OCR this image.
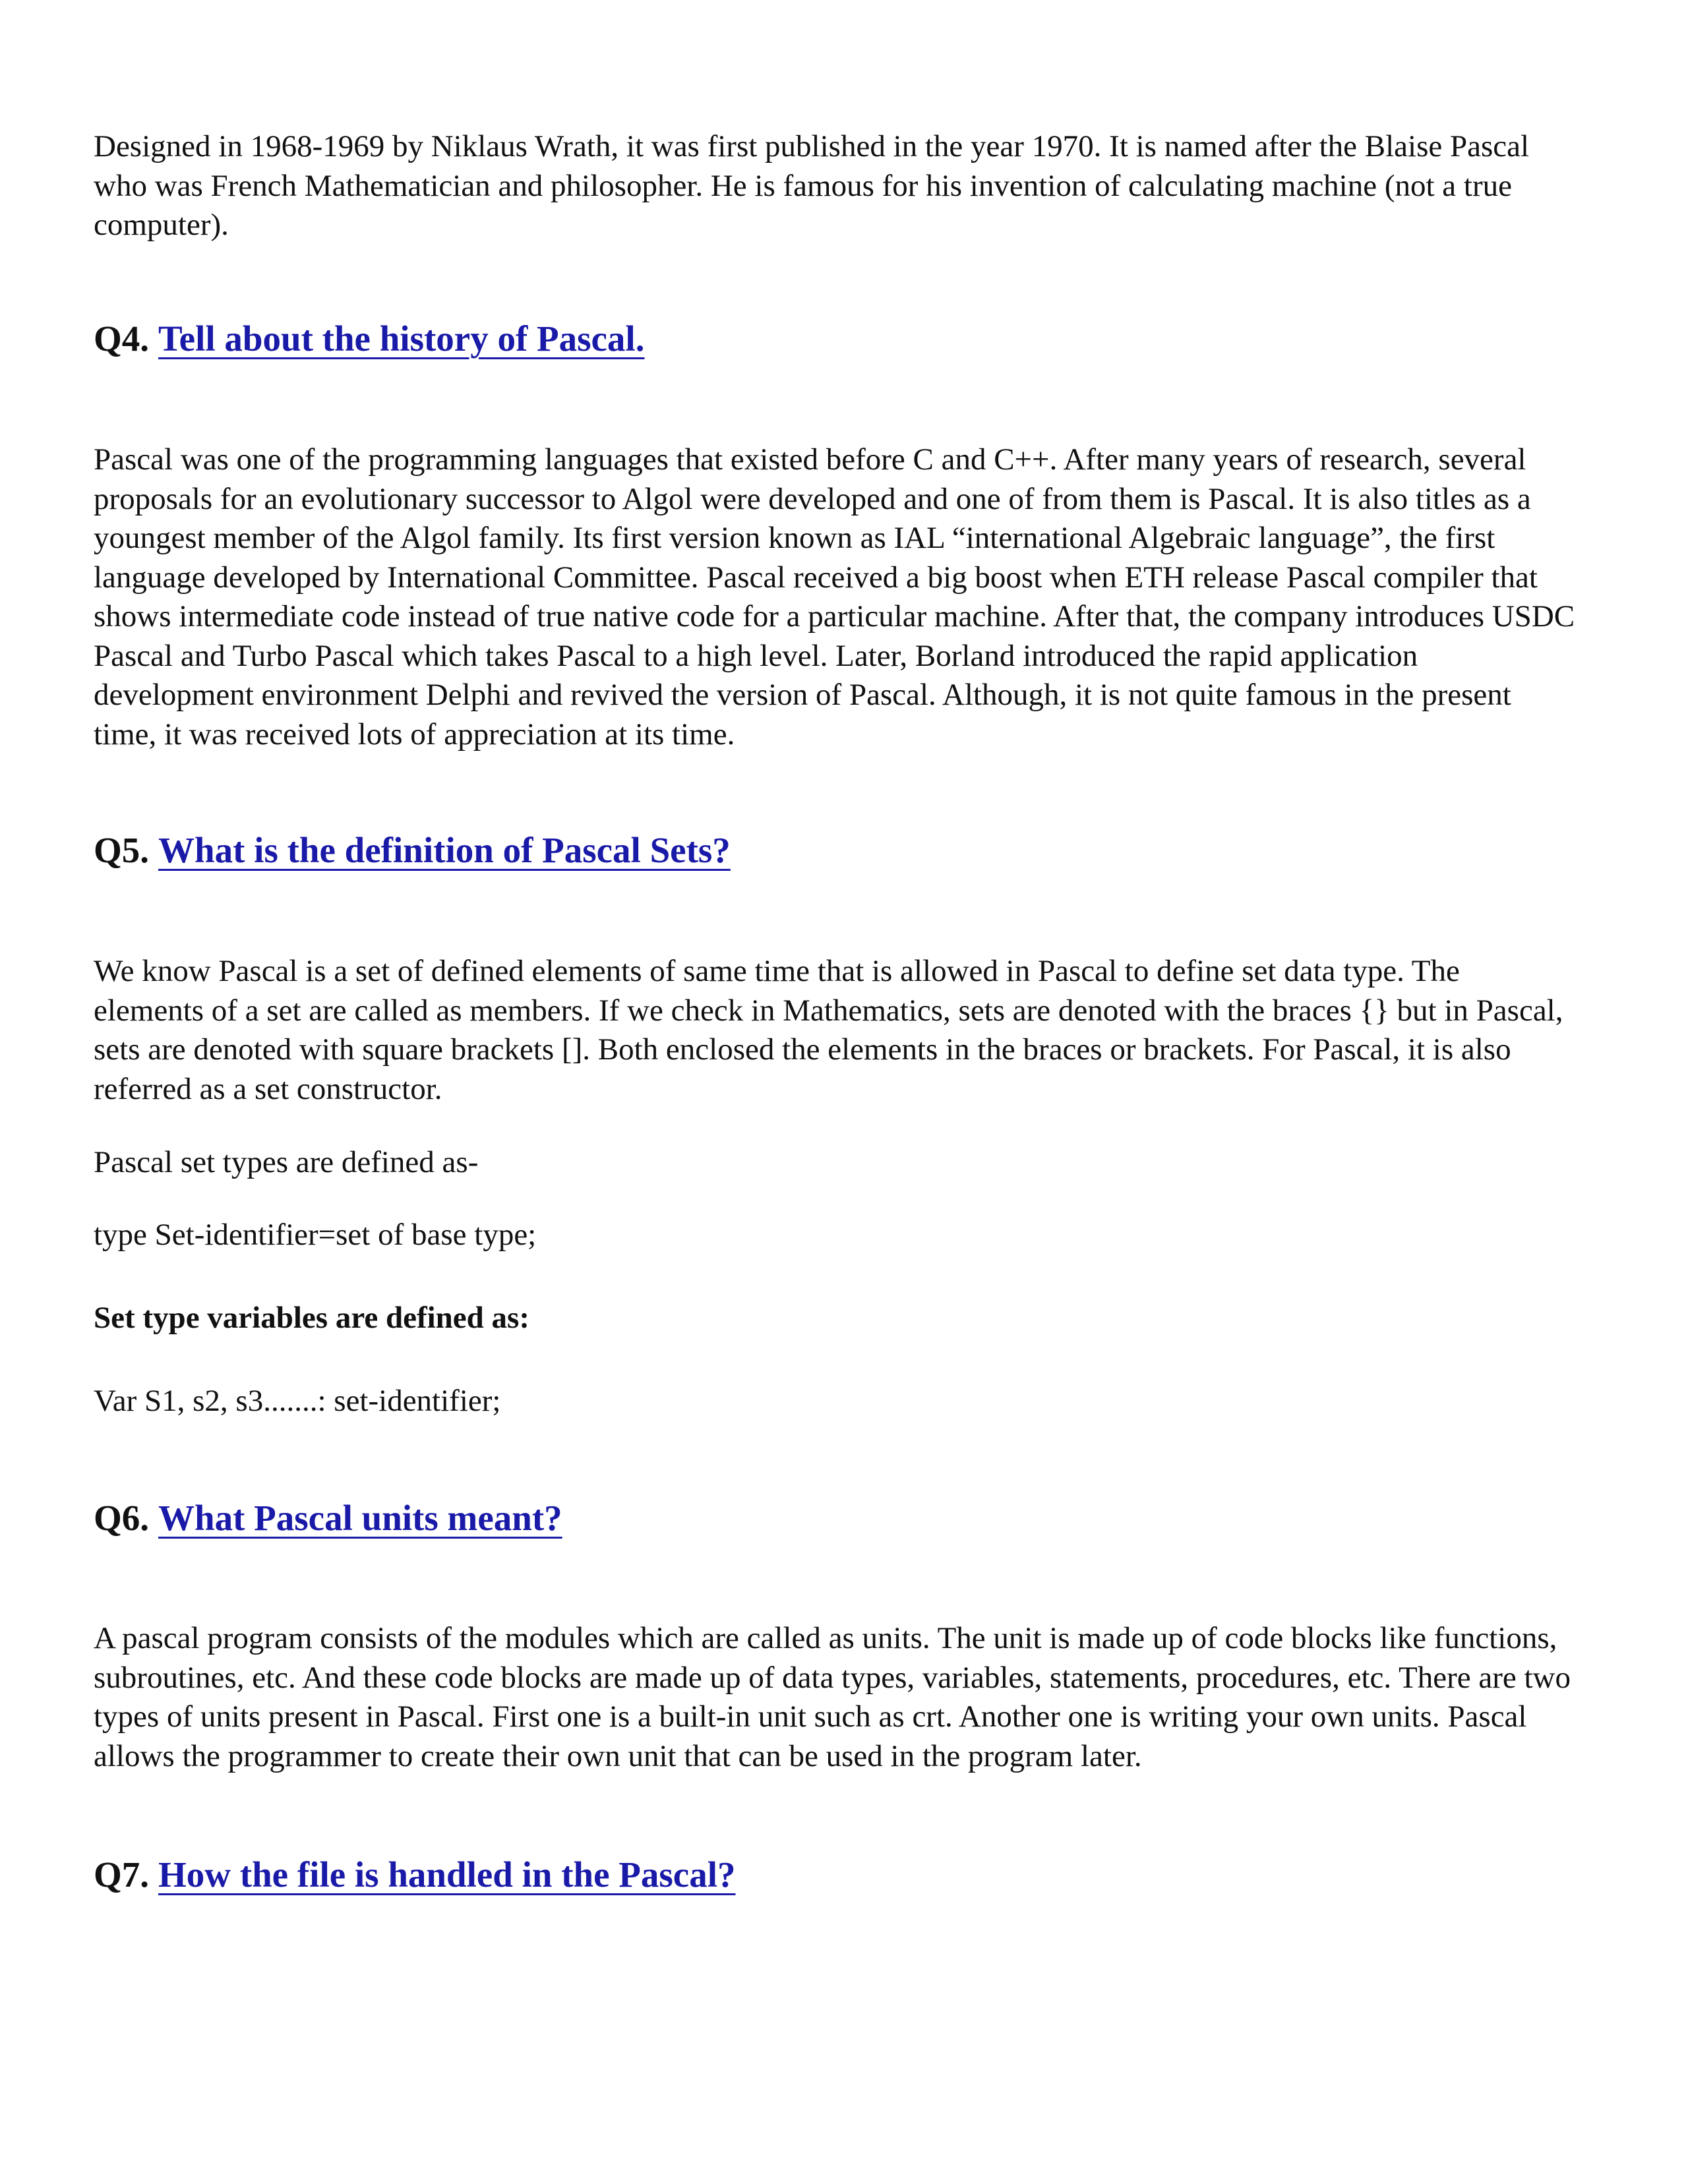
Designed in 1968-1969 by Niklaus Wrath, it was first published in the year 1970. It is named after the Blaise Pascal who was French Mathematician and philosopher. He is famous for his invention of calculating machine (not a true computer).

Q4. Tell about the history of Pascal.

Pascal was one of the programming languages that existed before C and C++. After many years of research, several proposals for an evolutionary successor to Algol were developed and one of from them is Pascal. It is also titles as a youngest member of the Algol family. Its first version known as IAL “international Algebraic language”, the first language developed by International Committee. Pascal received a big boost when ETH release Pascal compiler that shows intermediate code instead of true native code for a particular machine. After that, the company introduces USDC Pascal and Turbo Pascal which takes Pascal to a high level. Later, Borland introduced the rapid application development environment Delphi and revived the version of Pascal. Although, it is not quite famous in the present time, it was received lots of appreciation at its time.

Q5. What is the definition of Pascal Sets?

We know Pascal is a set of defined elements of same time that is allowed in Pascal to define set data type. The elements of a set are called as members. If we check in Mathematics, sets are denoted with the braces {} but in Pascal, sets are denoted with square brackets []. Both enclosed the elements in the braces or brackets. For Pascal, it is also referred as a set constructor.

Pascal set types are defined as-

type Set-identifier=set of base type;

Set type variables are defined as:

Var S1, s2, s3.......: set-identifier;

Q6. What Pascal units meant?

A pascal program consists of the modules which are called as units. The unit is made up of code blocks like functions, subroutines, etc. And these code blocks are made up of data types, variables, statements, procedures, etc. There are two types of units present in Pascal. First one is a built-in unit such as crt. Another one is writing your own units. Pascal allows the programmer to create their own unit that can be used in the program later.

Q7. How the file is handled in the Pascal?
